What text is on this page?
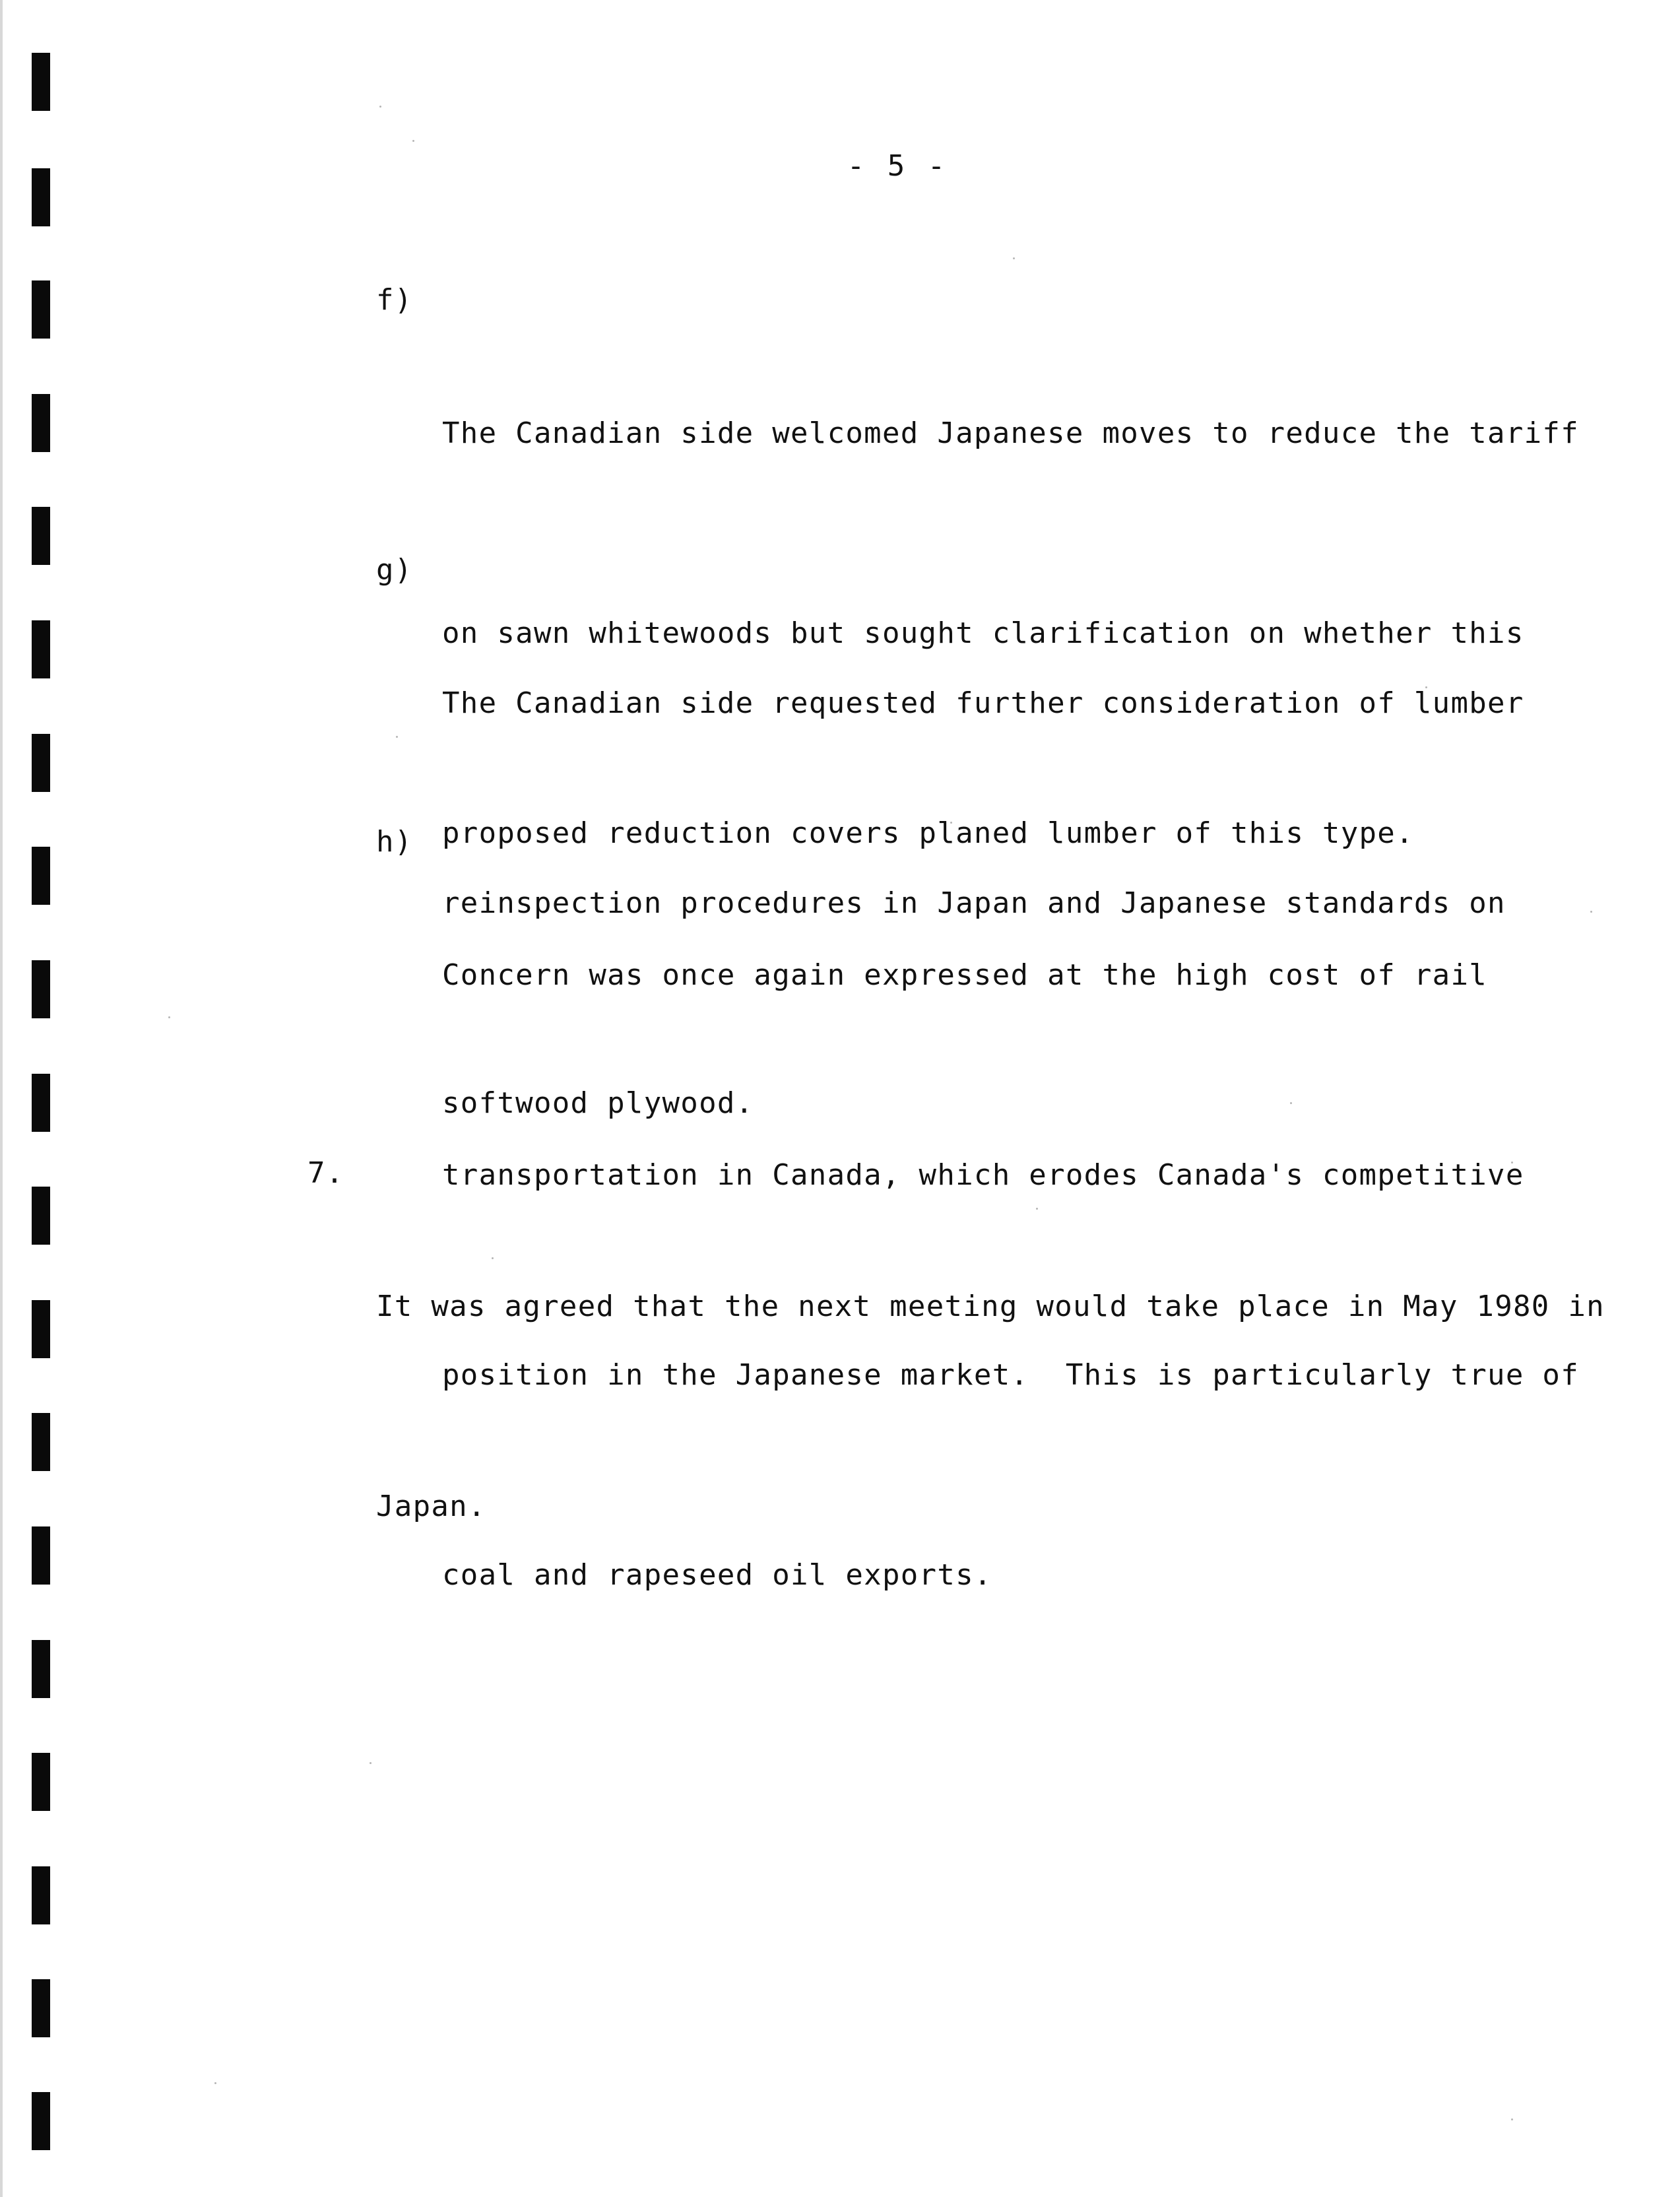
- 5 -

f)

The Canadian side welcomed Japanese moves to reduce the tariff

on sawn whitewoods but sought clarification on whether this

proposed reduction covers planed lumber of this type.

g)

The Canadian side requested further consideration of lumber

reinspection procedures in Japan and Japanese standards on

softwood plywood.

h)

Concern was once again expressed at the high cost of rail

transportation in Canada, which erodes Canada's competitive

position in the Japanese market.  This is particularly true of

coal and rapeseed oil exports.

7.

It was agreed that the next meeting would take place in May 1980 in

Japan.
